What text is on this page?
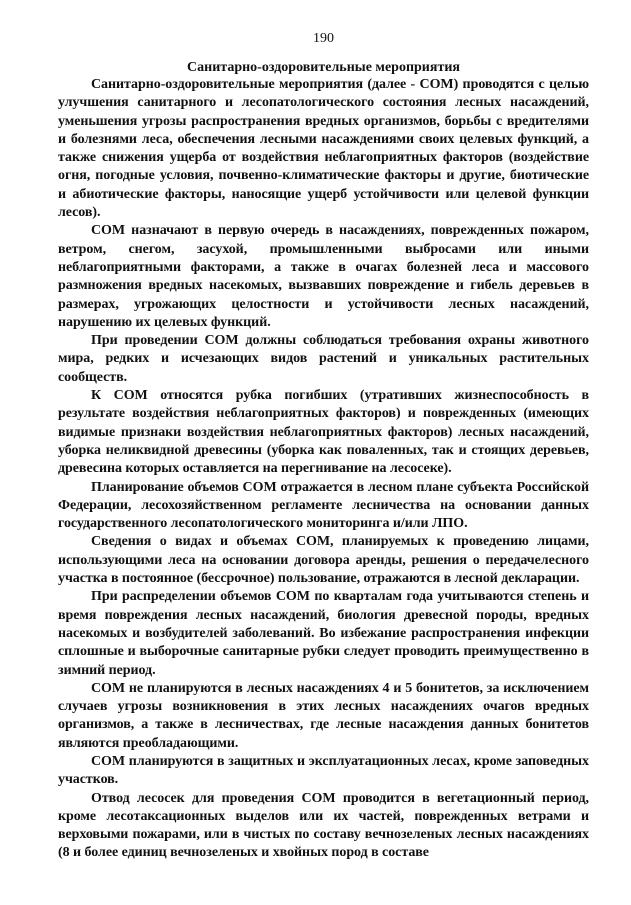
190
Санитарно-оздоровительные мероприятия

Санитарно-оздоровительные мероприятия (далее - СОМ) проводятся с целью улучшения санитарного и лесопатологического состояния лесных насаждений, уменьшения угрозы распространения вредных организмов, борьбы с вредителями и болезнями леса, обеспечения лесными насаждениями своих целевых функций, а также снижения ущерба от воздействия неблагоприятных факторов (воздействие огня, погодные условия, почвенно-климатические факторы и другие, биотические и абиотические факторы, наносящие ущерб устойчивости или целевой функции лесов).

СОМ назначают в первую очередь в насаждениях, поврежденных пожаром, ветром, снегом, засухой, промышленными выбросами или иными неблагоприятными факторами, а также в очагах болезней леса и массового размножения вредных насекомых, вызвавших повреждение и гибель деревьев в размерах, угрожающих целостности и устойчивости лесных насаждений, нарушению их целевых функций.

При проведении СОМ должны соблюдаться требования охраны животного мира, редких и исчезающих видов растений и уникальных растительных сообществ.

К СОМ относятся рубка погибших (утративших жизнеспособность в результате воздействия неблагоприятных факторов) и поврежденных (имеющих видимые признаки воздействия неблагоприятных факторов) лесных насаждений, уборка неликвидной древесины (уборка как поваленных, так и стоящих деревьев, древесина которых оставляется на перегнивание на лесосеке).

Планирование объемов СОМ отражается в лесном плане субъекта Российской Федерации, лесохозяйственном регламенте лесничества на основании данных государственного лесопатологического мониторинга и/или ЛПО.

Сведения о видах и объемах СОМ, планируемых к проведению лицами, использующими леса на основании договора аренды, решения о передачелесного участка в постоянное (бессрочное) пользование, отражаются в лесной декларации.

При распределении объемов СОМ по кварталам года учитываются степень и время повреждения лесных насаждений, биология древесной породы, вредных насекомых и возбудителей заболеваний. Во избежание распространения инфекции сплошные и выборочные санитарные рубки следует проводить преимущественно в зимний период.

СОМ не планируются в лесных насаждениях 4 и 5 бонитетов, за исключением случаев угрозы возникновения в этих лесных насаждениях очагов вредных организмов, а также в лесничествах, где лесные насаждения данных бонитетов являются преобладающими.

СОМ планируются в защитных и эксплуатационных лесах, кроме заповедных участков.

Отвод лесосек для проведения СОМ проводится в вегетационный период, кроме лесотаксационных выделов или их частей, поврежденных ветрами и верховыми пожарами, или в чистых по составу вечнозеленых лесных насаждениях (8 и более единиц вечнозеленых и хвойных пород в составе
